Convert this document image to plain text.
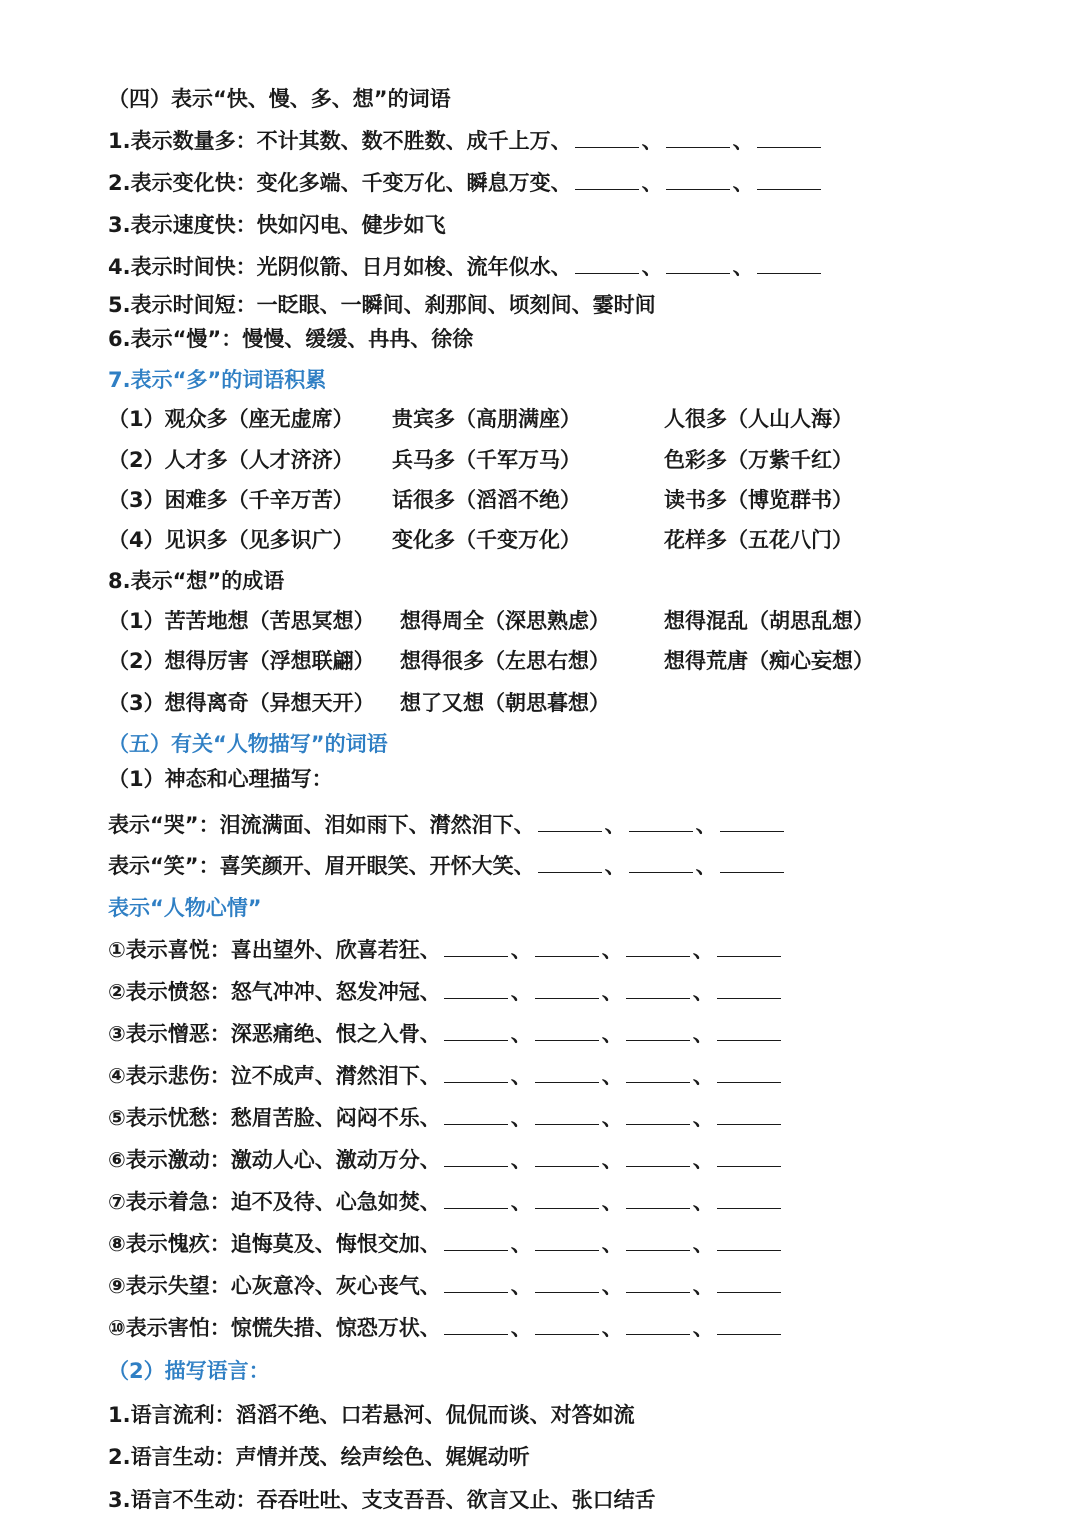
（四）表示“快、慢、多、想”的词语
1.表示数量多：不计其数、数不胜数、成千上万、	、	、
2.表示变化快：变化多端、千变万化、瞬息万变、	、	、
3.表示速度快：快如闪电、健步如飞
4.表示时间快：光阴似箭、日月如梭、流年似水、	、	、
5.表示时间短：一眨眼、一瞬间、刹那间、顷刻间、霎时间
6.表示“慢”：慢慢、缓缓、冉冉、徐徐
7.表示“多”的词语积累
（1）观众多（座无虚席） 贵宾多（高朋满座）	人很多（人山人海）
（2）人才多（人才济济） 兵马多（千军万马）	色彩多（万紫千红）
（3）困难多（千辛万苦） 话很多（滔滔不绝）	读书多（博览群书）
（4）见识多（见多识广） 变化多（千变万化）	花样多（五花八门）
8.表示“想”的成语
（1）苦苦地想（苦思冥想） 想得周全（深思熟虑）	想得混乱（胡思乱想）
（2）想得厉害（浮想联翩） 想得很多（左思右想）	想得荒唐（痴心妄想）
（3）想得离奇（异想天开） 想了又想（朝思暮想）
（五）有关“人物描写”的词语
（1）神态和心理描写：
表示“哭”：泪流满面、泪如雨下、潸然泪下、	、	、
表示“笑”：喜笑颜开、眉开眼笑、开怀大笑、	、	、
表示“人物心情”
①表示喜悦：喜出望外、欣喜若狂、	、	、	、
②表示愤怒：怒气冲冲、怒发冲冠、	、	、	、
③表示憎恶：深恶痛绝、恨之入骨、	、	、	、
④表示悲伤：泣不成声、潸然泪下、	、	、	、
⑤表示忧愁：愁眉苦脸、闷闷不乐、	、	、	、
⑥表示激动：激动人心、激动万分、	、	、	、
⑦表示着急：迫不及待、心急如焚、	、	、	、
⑧表示愧疚：追悔莫及、悔恨交加、	、	、	、
⑨表示失望：心灰意冷、灰心丧气、	、	、	、
⑩表示害怕：惊慌失措、惊恐万状、	、	、	、
（2）描写语言：
1.语言流利：滔滔不绝、口若悬河、侃侃而谈、对答如流
2.语言生动：声情并茂、绘声绘色、娓娓动听
3.语言不生动：吞吞吐吐、支支吾吾、欲言又止、张口结舌
